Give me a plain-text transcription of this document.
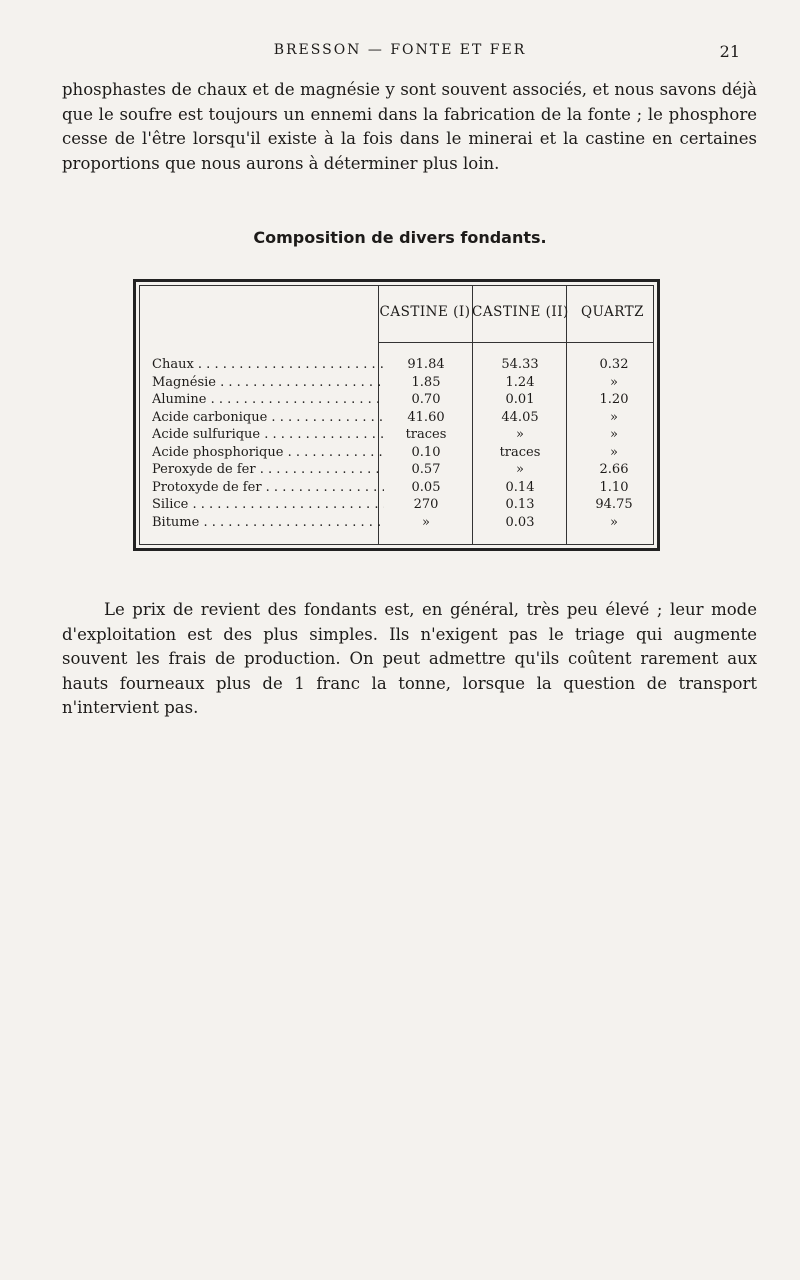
BRESSON — FONTE ET FER	21

phosphastes de chaux et de magnésie y sont souvent associés, et nous savons déjà que le soufre est toujours un ennemi dans la fabrication de la fonte ; le phosphore cesse de l'être lorsqu'il existe à la fois dans le minerai et la castine en certaines proportions que nous aurons à déterminer plus loin.

Composition de divers fondants.
CASTINE (I) CASTINE (II) QUARTZ
Chaux . . .	91.84	54.33	0.32
Magnésie . . .	1.85	1.24	»
Alumine . . .	0.70	0.01	1.20
Acide carbonique . . .	41.60	44.05	»
Acide sulfurique . . .	traces	»	»
Acide phosphorique . . .	0.10	traces	»
Peroxyde de fer . . .	0.57	»	2.66
Protoxyde de fer . . .	0.05	0.14	1.10
Silice . . .	270	0.13	94.75
Bitume . . .	»	0.03	»

Le prix de revient des fondants est, en général, très peu élevé ; leur mode d'exploitation est des plus simples. Ils n'exigent pas le triage qui augmente souvent les frais de production. On peut admettre qu'ils coûtent rarement aux hauts fourneaux plus de 1 franc la tonne, lorsque la question de transport n'intervient pas.
